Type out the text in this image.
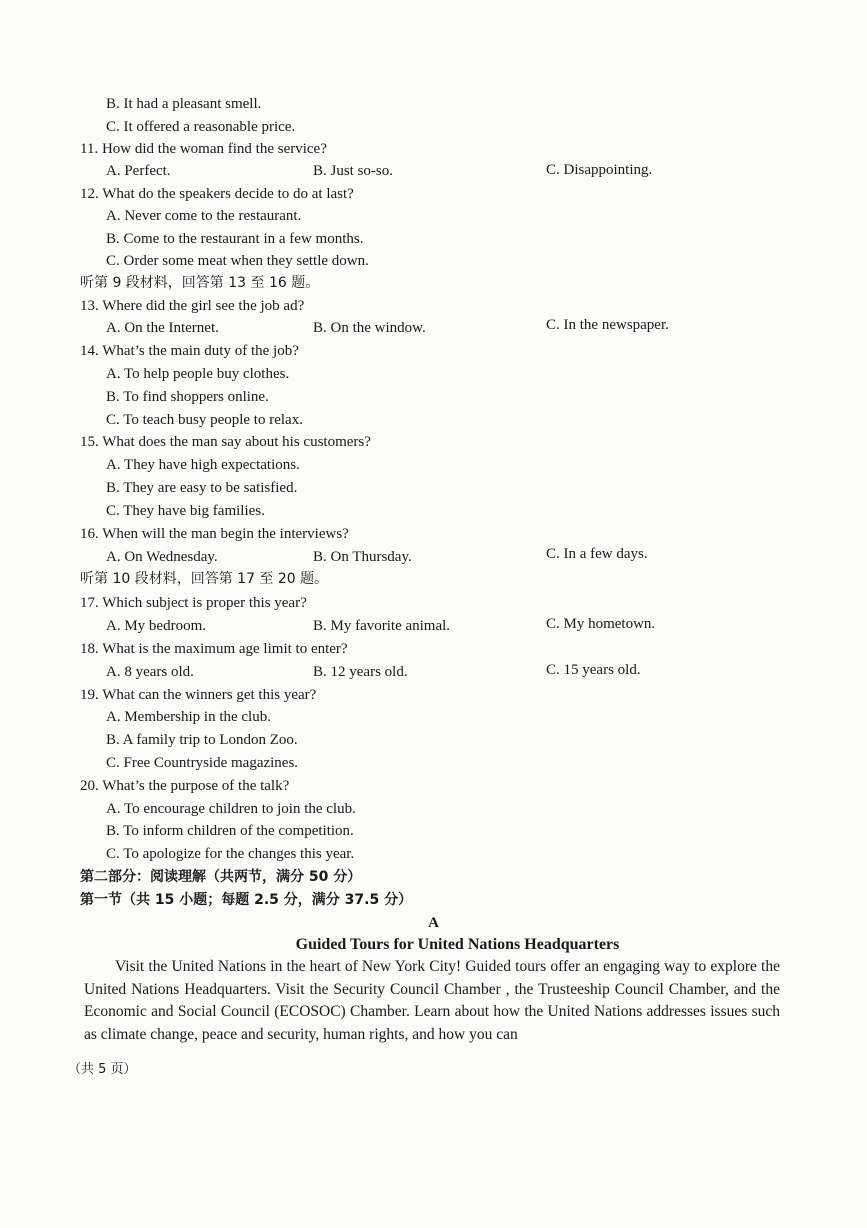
B. It had a pleasant smell.
C. It offered a reasonable price.
11. How did the woman find the service?
A. Perfect.	B. Just so-so.	C. Disappointing.
12. What do the speakers decide to do at last?
A. Never come to the restaurant.
B. Come to the restaurant in a few months.
C. Order some meat when they settle down.
听第 9 段材料，回答第 13 至 16 题。
13. Where did the girl see the job ad?
A. On the Internet.	B. On the window.	C. In the newspaper.
14. What’s the main duty of the job?
A. To help people buy clothes.
B. To find shoppers online.
C. To teach busy people to relax.
15. What does the man say about his customers?
A. They have high expectations.
B. They are easy to be satisfied.
C. They have big families.
16. When will the man begin the interviews?
A. On Wednesday.	B. On Thursday.	C. In a few days.
听第 10 段材料，回答第 17 至 20 题。
17. Which subject is proper this year?
A. My bedroom.	B. My favorite animal.	C. My hometown.
18. What is the maximum age limit to enter?
A. 8 years old.	B. 12 years old.	C. 15 years old.
19. What can the winners get this year?
A. Membership in the club.
B. A family trip to London Zoo.
C. Free Countryside magazines.
20. What’s the purpose of the talk?
A. To encourage children to join the club.
B. To inform children of the competition.
C. To apologize for the changes this year.
第二部分：阅读理解（共两节，满分 50 分）
第一节（共 15 小题；每题 2.5 分，满分 37.5 分）
A
Guided Tours for United Nations Headquarters
Visit the United Nations in the heart of New York City! Guided tours offer an engaging way to explore the United Nations Headquarters. Visit the Security Council Chamber , the Trusteeship Council Chamber, and the Economic and Social Council (ECOSOC) Chamber. Learn about how the United Nations addresses issues such as climate change, peace and security, human rights, and how you can
（共 5 页）
